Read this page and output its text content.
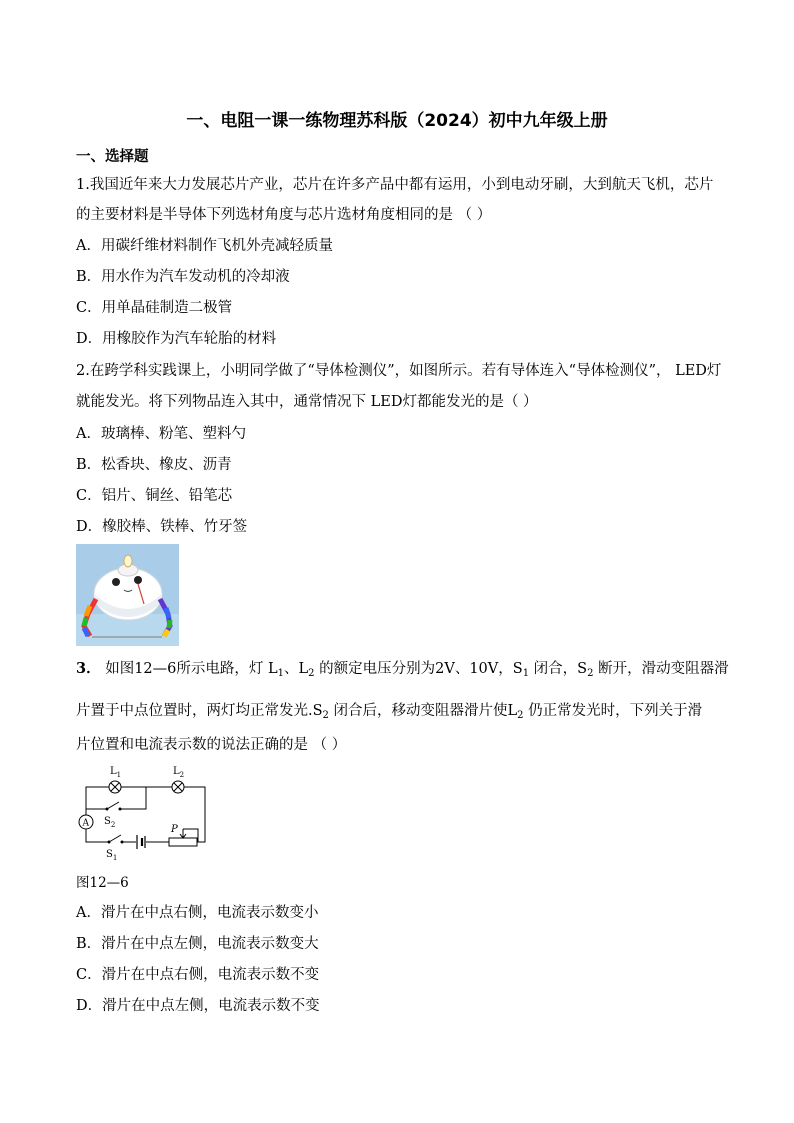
一、电阻一课一练物理苏科版（2024）初中九年级上册
一、选择题
1.我国近年来大力发展芯片产业，芯片在许多产品中都有运用，小到电动牙刷，大到航天飞机，芯片
的主要材料是半导体下列选材角度与芯片选材角度相同的是 （ ）
A．用碳纤维材料制作飞机外壳减轻质量
B．用水作为汽车发动机的冷却液
C．用单晶硅制造二极管
D．用橡胶作为汽车轮胎的材料
2.在跨学科实践课上，小明同学做了“导体检测仪”，如图所示。若有导体连入“导体检测仪”， LED灯
就能发光。将下列物品连入其中，通常情况下 LED灯都能发光的是（ ）
A．玻璃棒、粉笔、塑料勺
B．松香块、橡皮、沥青
C．铝片、铜丝、铅笔芯
D．橡胶棒、铁棒、竹牙签
3． 如图12—6所示电路，灯 $L_1$、$L_2$ 的额定电压分别为2V、10V，$S_1$ 闭合，$S_2$ 断开，滑动变阻器滑
片置于中点位置时，两灯均正常发光$.S_2$ 闭合后，移动变阻器滑片使$L_2$ 仍正常发光时，下列关于滑
片位置和电流表示数的说法正确的是 （ ）
$L_1$	$L_2$
$S_2$
A
$S_1$
P
图12—6
A．滑片在中点右侧，电流表示数变小
B．滑片在中点左侧，电流表示数变大
C．滑片在中点右侧，电流表示数不变
D．滑片在中点左侧，电流表示数不变
